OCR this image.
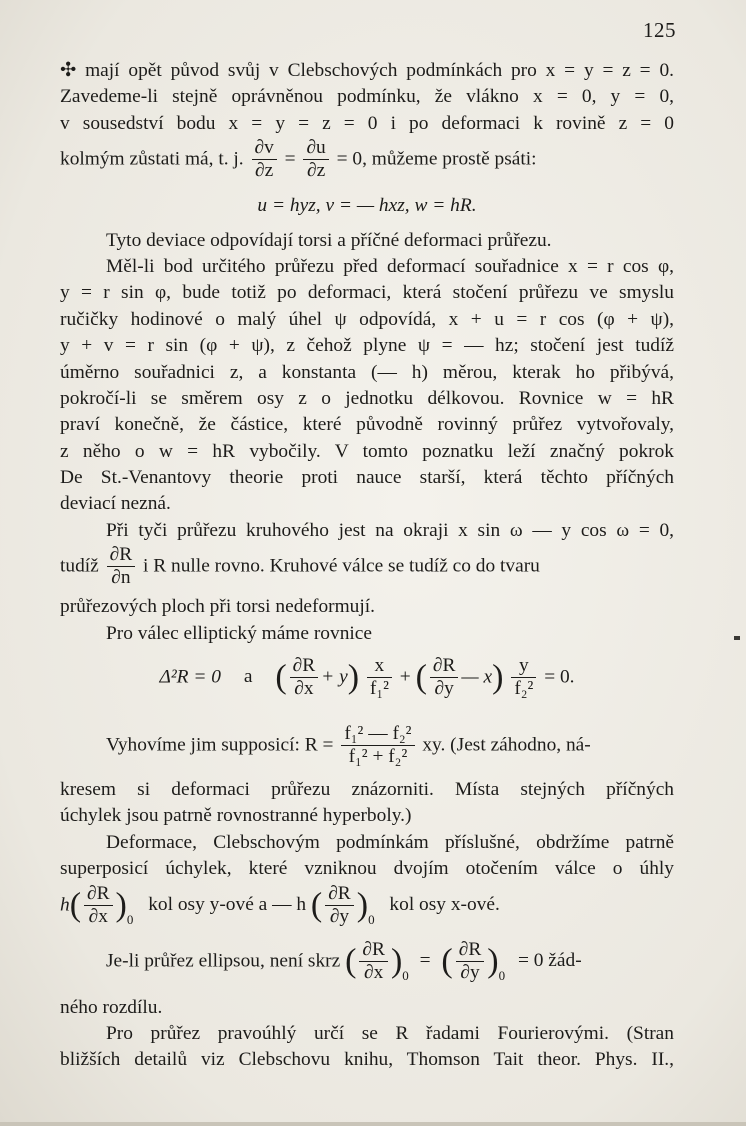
125
✣ mají opět původ svůj v Clebschových podmínkách pro x = y = z = 0.
Zavedeme-li stejně oprávněnou podmínku, že vlákno x = 0, y = 0,
v sousedství bodu x = y = z = 0 i po deformaci k rovině z = 0
kolmým zůstati má, t. j. $\frac{\partial v}{\partial z} = \frac{\partial u}{\partial z} = 0$, můžeme prostě psáti:
u = hyz, v = — hxz, w = hR.
Tyto deviace odpovídají torsi a příčné deformaci průřezu.
Měl-li bod určitého průřezu před deformací souřadnice x = r cos φ,
y = r sin φ, bude totiž po deformaci, která stočení průřezu ve smyslu
ručičky hodinové o malý úhel ψ odpovídá, x + u = r cos (φ + ψ),
y + v = r sin (φ + ψ), z čehož plyne ψ = — hz; stočení jest tudíž
úměrno souřadnici z, a konstanta (— h) měrou, kterak ho přibývá,
pokročí-li se směrem osy z o jednotku délkovou. Rovnice w = hR
praví konečně, že částice, které původně rovinný průřez vytvořovaly,
z něho o w = hR vybočily. V tomto poznatku leží značný pokrok
De St.-Venantovy theorie proti nauce starší, která těchto příčných
deviací nezná.
Při tyči průřezu kruhového jest na okraji x sin ω — y cos ω = 0,
tudíž $\frac{\partial R}{\partial n}$ i R nulle rovno. Kruhové válce se tudíž co do tvaru
průřezových ploch při torsi nedeformují.
Pro válec elliptický máme rovnice
Δ²R = 0 a ( $\frac{\partial R}{\partial x} + y) \frac{x}{\text{f₁²}}$ + ( $\frac{\partial R}{\partial y}$ — $x) \frac{y}{\text{f₂²}} = 0$.
Vyhovíme jim supposicí: $R = \frac{\text{f₁² — f₂²}}{\text{f₁² + f₂²}}$ xy. (Jest záhodno, ná-
kresem si deformaci průřezu znázorniti. Místa stejných příčných
úchylek jsou patrně rovnostranné hyperboly.)
Deformace, Clebschovým podmínkám příslušné, obdržíme patrně
superposicí úchylek, které vzniknou dvojím otočením válce o úhly
$h( \frac{\partial R}{\partial x} )_0$ kol osy y-ové a — h ( $\frac{\partial R}{\partial y} )_0$ kol osy x-ové.
Je-li průřez ellipsou, není skrz ( $\frac{\partial R}{\partial x} )_0$ = ( $\frac{\partial R}{\partial y} )_0 = 0$ žád-
ného rozdílu.
Pro průřez pravoúhlý určí se R řadami Fourierovými. (Stran
bližších detailů viz Clebschovu knihu, Thomson Tait theor. Phys. II.,
